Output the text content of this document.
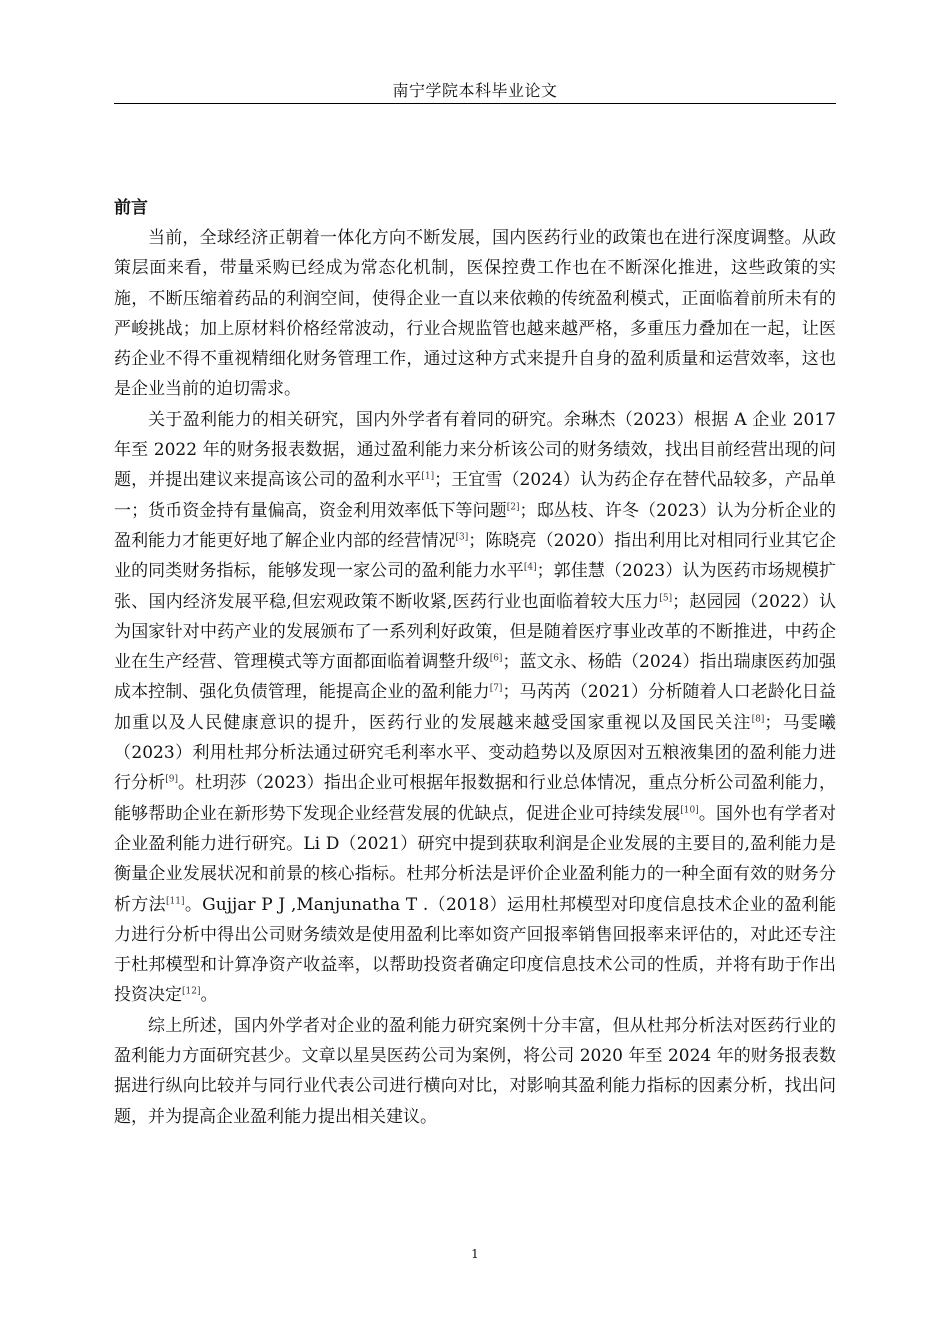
南宁学院本科毕业论文
前言

当前，全球经济正朝着一体化方向不断发展，国内医药行业的政策也在进行深度调整。从政策层面来看，带量采购已经成为常态化机制，医保控费工作也在不断深化推进，这些政策的实施，不断压缩着药品的利润空间，使得企业一直以来依赖的传统盈利模式，正面临着前所未有的严峻挑战；加上原材料价格经常波动，行业合规监管也越来越严格，多重压力叠加在一起，让医药企业不得不重视精细化财务管理工作，通过这种方式来提升自身的盈利质量和运营效率，这也是企业当前的迫切需求。

关于盈利能力的相关研究，国内外学者有着同的研究。余琳杰（2023）根据 A 企业 2017 年至 2022 年的财务报表数据，通过盈利能力来分析该公司的财务绩效，找出目前经营出现的问题，并提出建议来提高该公司的盈利水平[1]；王宜雪（2024）认为药企存在替代品较多，产品单一；货币资金持有量偏高，资金利用效率低下等问题[2]；邸丛枝、许冬（2023）认为分析企业的盈利能力才能更好地了解企业内部的经营情况[3]；陈晓亮（2020）指出利用比对相同行业其它企业的同类财务指标，能够发现一家公司的盈利能力水平[4]；郭佳慧（2023）认为医药市场规模扩张、国内经济发展平稳,但宏观政策不断收紧,医药行业也面临着较大压力[5]；赵园园（2022）认为国家针对中药产业的发展颁布了一系列利好政策，但是随着医疗事业改革的不断推进，中药企业在生产经营、管理模式等方面都面临着调整升级[6]；蓝文永、杨皓（2024）指出瑞康医药加强成本控制、强化负债管理，能提高企业的盈利能力[7]；马芮芮（2021）分析随着人口老龄化日益加重以及人民健康意识的提升，医药行业的发展越来越受国家重视以及国民关注[8]；马雯曦（2023）利用杜邦分析法通过研究毛利率水平、变动趋势以及原因对五粮液集团的盈利能力进行分析[9]。杜玥莎（2023）指出企业可根据年报数据和行业总体情况，重点分析公司盈利能力，能够帮助企业在新形势下发现企业经营发展的优缺点，促进企业可持续发展[10]。国外也有学者对企业盈利能力进行研究。Li D（2021）研究中提到获取利润是企业发展的主要目的,盈利能力是衡量企业发展状况和前景的核心指标。杜邦分析法是评价企业盈利能力的一种全面有效的财务分析方法[11]。Gujjar P J ,Manjunatha T .（2018）运用杜邦模型对印度信息技术企业的盈利能力进行分析中得出公司财务绩效是使用盈利比率如资产回报率销售回报率来评估的，对此还专注于杜邦模型和计算净资产收益率，以帮助投资者确定印度信息技术公司的性质，并将有助于作出投资决定[12]。

综上所述，国内外学者对企业的盈利能力研究案例十分丰富，但从杜邦分析法对医药行业的盈利能力方面研究甚少。文章以星昊医药公司为案例，将公司 2020 年至 2024 年的财务报表数据进行纵向比较并与同行业代表公司进行横向对比，对影响其盈利能力指标的因素分析，找出问题，并为提高企业盈利能力提出相关建议。

1
